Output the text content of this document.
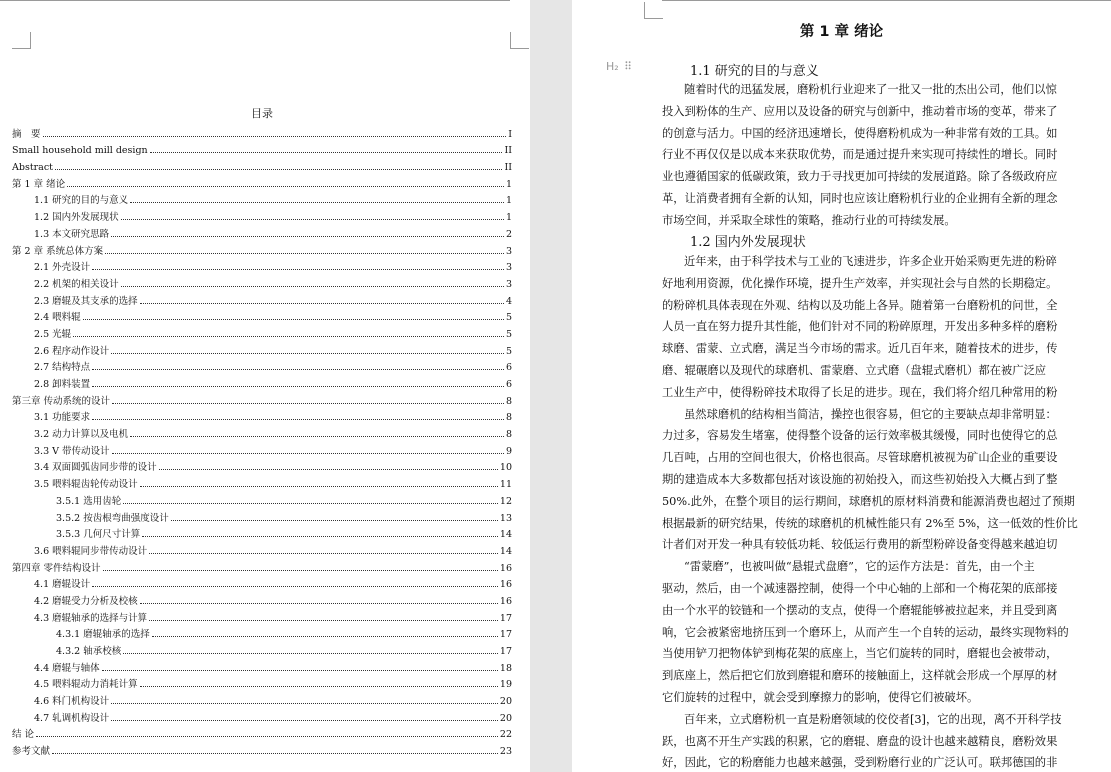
目录
摘　要	I
Small household mill design	II
Abstract	II
第 1 章 绪论	1
1.1 研究的目的与意义	1
1.2 国内外发展现状	1
1.3 本文研究思路	2
第 2 章 系统总体方案	3
2.1 外壳设计	3
2.2 机架的相关设计	3
2.3 磨辊及其支承的选择	4
2.4 喂料辊	5
2.5 光辊	5
2.6 程序动作设计	5
2.7 结构特点	6
2.8 卸料装置	6
第三章 传动系统的设计	8
3.1 功能要求	8
3.2 动力计算以及电机	8
3.3 V 带传动设计	9
3.4 双面圆弧齿同步带的设计	10
3.5 喂料辊齿轮传动设计	11
3.5.1 选用齿轮	12
3.5.2 按齿根弯曲强度设计	13
3.5.3 几何尺寸计算	14
3.6 喂料辊同步带传动设计	14
第四章 零件结构设计	16
4.1 磨辊设计	16
4.2 磨辊受力分析及校核	16
4.3 磨辊轴承的选择与计算	17
4.3.1 磨辊轴承的选择	17
4.3.2 轴承校核	17
4.4 磨辊与轴体	18
4.5 喂料辊动力消耗计算	19
4.6 料门机构设计	20
4.7 轧调机构设计	20
结 论	22
参考文献	23
第 1 章 绪论
H₂ ⠿	1.1 研究的目的与意义
1.2 国内外发展现状
随着时代的迅猛发展，磨粉机行业迎来了一批又一批的杰出公司，他们以惊
投入到粉体的生产、应用以及设备的研究与创新中，推动着市场的变革，带来了
的创意与活力。中国的经济迅速增长，使得磨粉机成为一种非常有效的工具。如
行业不再仅仅是以成本来获取优势，而是通过提升来实现可持续性的增长。同时
业也遵循国家的低碳政策，致力于寻找更加可持续的发展道路。除了各级政府应
革，让消费者拥有全新的认知，同时也应该让磨粉机行业的企业拥有全新的理念
市场空间，并采取全球性的策略，推动行业的可持续发展。
近年来，由于科学技术与工业的飞速进步，许多企业开始采购更先进的粉碎
好地利用资源，优化操作环境，提升生产效率，并实现社会与自然的长期稳定。
的粉碎机具体表现在外观、结构以及功能上各异。随着第一台磨粉机的问世，全
人员一直在努力提升其性能，他们针对不同的粉碎原理，开发出多种多样的磨粉
球磨、雷蒙、立式磨，满足当今市场的需求。近几百年来，随着技术的进步，传
磨、辊碾磨以及现代的球磨机、雷蒙磨、立式磨（盘辊式磨机）都在被广泛应
工业生产中，使得粉碎技术取得了长足的进步。现在，我们将介绍几种常用的粉
虽然球磨机的结构相当简洁，操控也很容易，但它的主要缺点却非常明显：
力过多，容易发生堵塞，使得整个设备的运行效率极其缓慢，同时也使得它的总
几百吨，占用的空间也很大，价格也很高。尽管球磨机被视为矿山企业的重要设
期的建造成本大多数都包括对该设施的初始投入，而这些初始投入大概占到了整
50%.此外，在整个项目的运行期间，球磨机的原材料消费和能源消费也超过了预期
根据最新的研究结果，传统的球磨机的机械性能只有 2%至 5%，这一低效的性价比
计者们对开发一种具有较低功耗、较低运行费用的新型粉碎设备变得越来越迫切
“雷蒙磨”，也被叫做“悬辊式盘磨”，它的运作方法是：首先，由一个主
驱动，然后，由一个减速器控制，使得一个中心轴的上部和一个梅花架的底部接
由一个水平的铰链和一个摆动的支点，使得一个磨辊能够被拉起来，并且受到离
响，它会被紧密地挤压到一个磨环上，从而产生一个自转的运动，最终实现物料的
当使用铲刀把物体铲到梅花架的底座上，当它们旋转的同时，磨辊也会被带动，
到底座上，然后把它们放到磨辊和磨环的接触面上，这样就会形成一个厚厚的材
它们旋转的过程中，就会受到摩擦力的影响，使得它们被破坏。
百年来，立式磨粉机一直是粉磨领域的佼佼者[3]，它的出现，离不开科学技
跃，也离不开生产实践的积累，它的磨辊、磨盘的设计也越来越精良，磨粉效果
好，因此，它的粉磨能力也越来越强，受到粉磨行业的广泛认可。联邦德国的非
